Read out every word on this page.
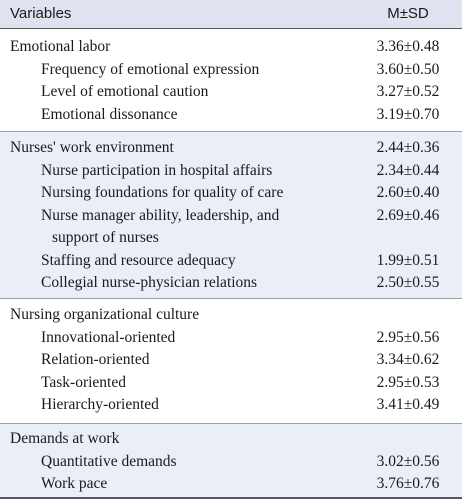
Variables	M±SD
Emotional labor	3.36±0.48
Frequency of emotional expression	3.60±0.50
Level of emotional caution	3.27±0.52
Emotional dissonance	3.19±0.70
Nurses' work environment	2.44±0.36
Nurse participation in hospital affairs	2.34±0.44
Nursing foundations for quality of care	2.60±0.40
Nurse manager ability, leadership, and	2.69±0.46
support of nurses
Staffing and resource adequacy	1.99±0.51
Collegial nurse-physician relations	2.50±0.55
Nursing organizational culture
Innovational-oriented	2.95±0.56
Relation-oriented	3.34±0.62
Task-oriented	2.95±0.53
Hierarchy-oriented	3.41±0.49
Demands at work
Quantitative demands	3.02±0.56
Work pace	3.76±0.76
